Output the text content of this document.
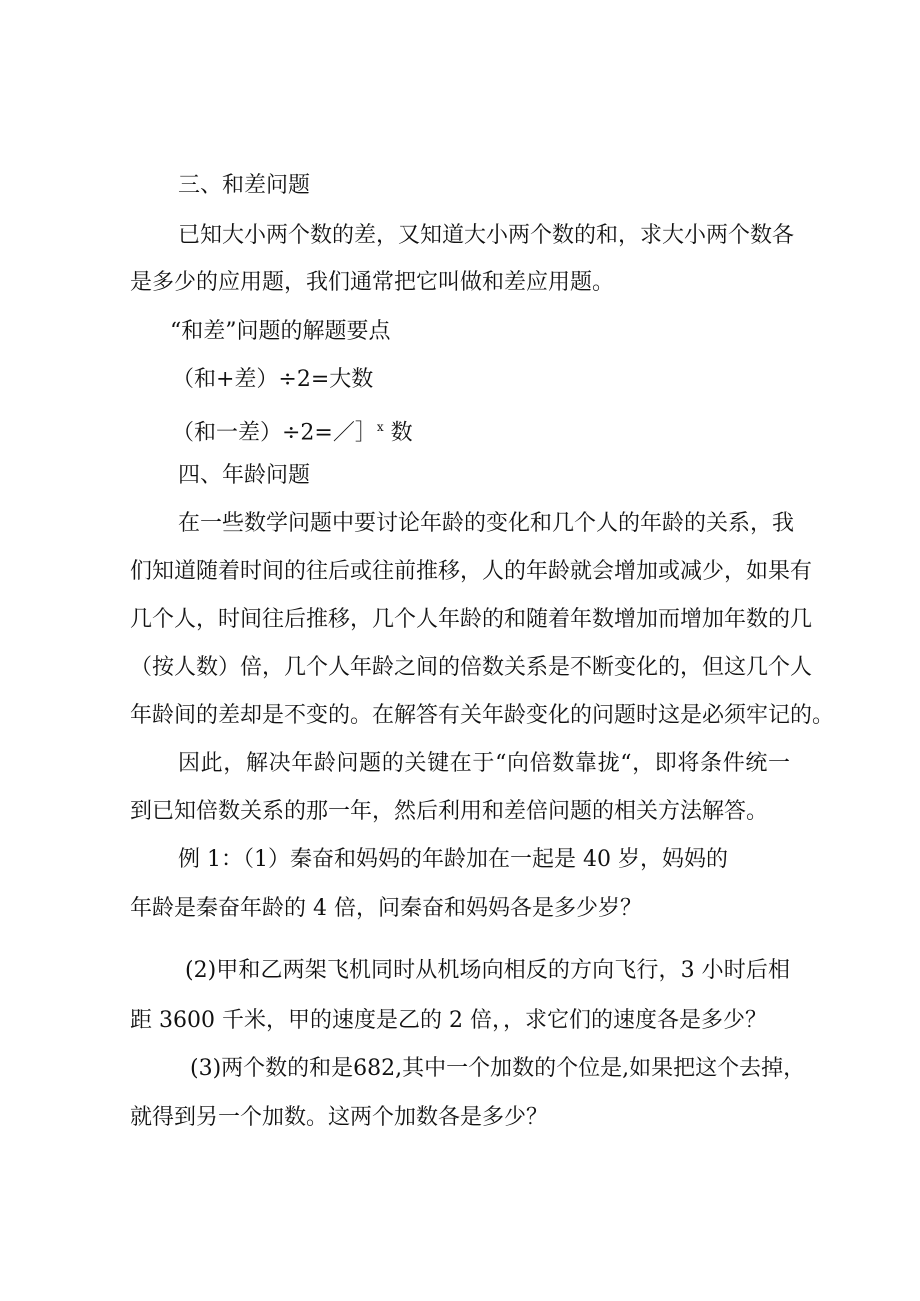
三、和差问题
已知大小两个数的差，又知道大小两个数的和，求大小两个数各
是多少的应用题，我们通常把它叫做和差应用题。
“和差”问题的解题要点
（和+差）÷2=大数
（和一差）÷2=／］$^x$ 数
四、年龄问题
在一些数学问题中要讨论年龄的变化和几个人的年龄的关系，我
们知道随着时间的往后或往前推移，人的年龄就会增加或减少，如果有
几个人，时间往后推移，几个人年龄的和随着年数增加而增加年数的几
（按人数）倍，几个人年龄之间的倍数关系是不断变化的，但这几个人
年龄间的差却是不变的。在解答有关年龄变化的问题时这是必须牢记的。
因此，解决年龄问题的关键在于“向倍数靠拢“，即将条件统一
到已知倍数关系的那一年，然后利用和差倍问题的相关方法解答。
例 1：（1）秦奋和妈妈的年龄加在一起是 40 岁，妈妈的
年龄是秦奋年龄的 4 倍，问秦奋和妈妈各是多少岁？
(2)甲和乙两架飞机同时从机场向相反的方向飞行，3 小时后相
距 3600 千米，甲的速度是乙的 2 倍，，求它们的速度各是多少？
(3)两个数的和是682,其中一个加数的个位是,如果把这个去掉，
就得到另一个加数。这两个加数各是多少？
